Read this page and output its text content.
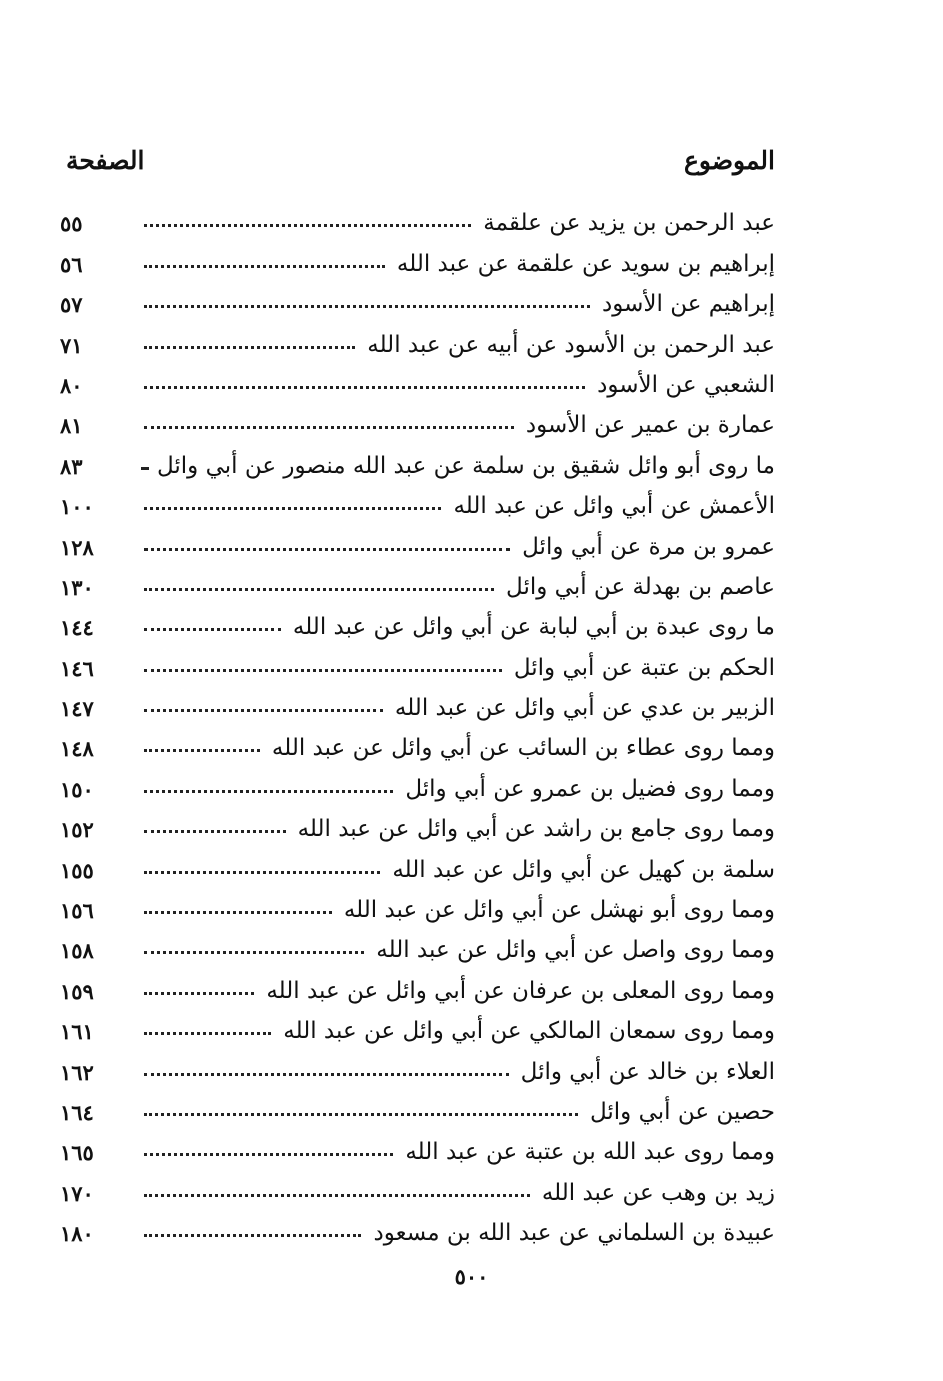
الموضوع
الصفحة
عبد الرحمن بن يزيد عن علقمة
٥٥
إبراهيم بن سويد عن علقمة عن عبد الله
٥٦
إبراهيم عن الأسود
٥٧
عبد الرحمن بن الأسود عن أبيه عن عبد الله
٧١
الشعبي عن الأسود
٨٠
عمارة بن عمير عن الأسود
٨١
ما روى أبو وائل شقيق بن سلمة عن عبد الله منصور عن أبي وائل
٨٣
الأعمش عن أبي وائل عن عبد الله
١٠٠
عمرو بن مرة عن أبي وائل
١٢٨
عاصم بن بهدلة عن أبي وائل
١٣٠
ما روى عبدة بن أبي لبابة عن أبي وائل عن عبد الله
١٤٤
الحكم بن عتبة عن أبي وائل
١٤٦
الزبير بن عدي عن أبي وائل عن عبد الله
١٤٧
ومما روى عطاء بن السائب عن أبي وائل عن عبد الله
١٤٨
ومما روى فضيل بن عمرو عن أبي وائل
١٥٠
ومما روى جامع بن راشد عن أبي وائل عن عبد الله
١٥٢
سلمة بن كهيل عن أبي وائل عن عبد الله
١٥٥
ومما روى أبو نهشل عن أبي وائل عن عبد الله
١٥٦
ومما روى واصل عن أبي وائل عن عبد الله
١٥٨
ومما روى المعلى بن عرفان عن أبي وائل عن عبد الله
١٥٩
ومما روى سمعان المالكي عن أبي وائل عن عبد الله
١٦١
العلاء بن خالد عن أبي وائل
١٦٢
حصين عن أبي وائل
١٦٤
ومما روى عبد الله بن عتبة عن عبد الله
١٦٥
زيد بن وهب عن عبد الله
١٧٠
عبيدة بن السلماني عن عبد الله بن مسعود
١٨٠
٥٠٠
